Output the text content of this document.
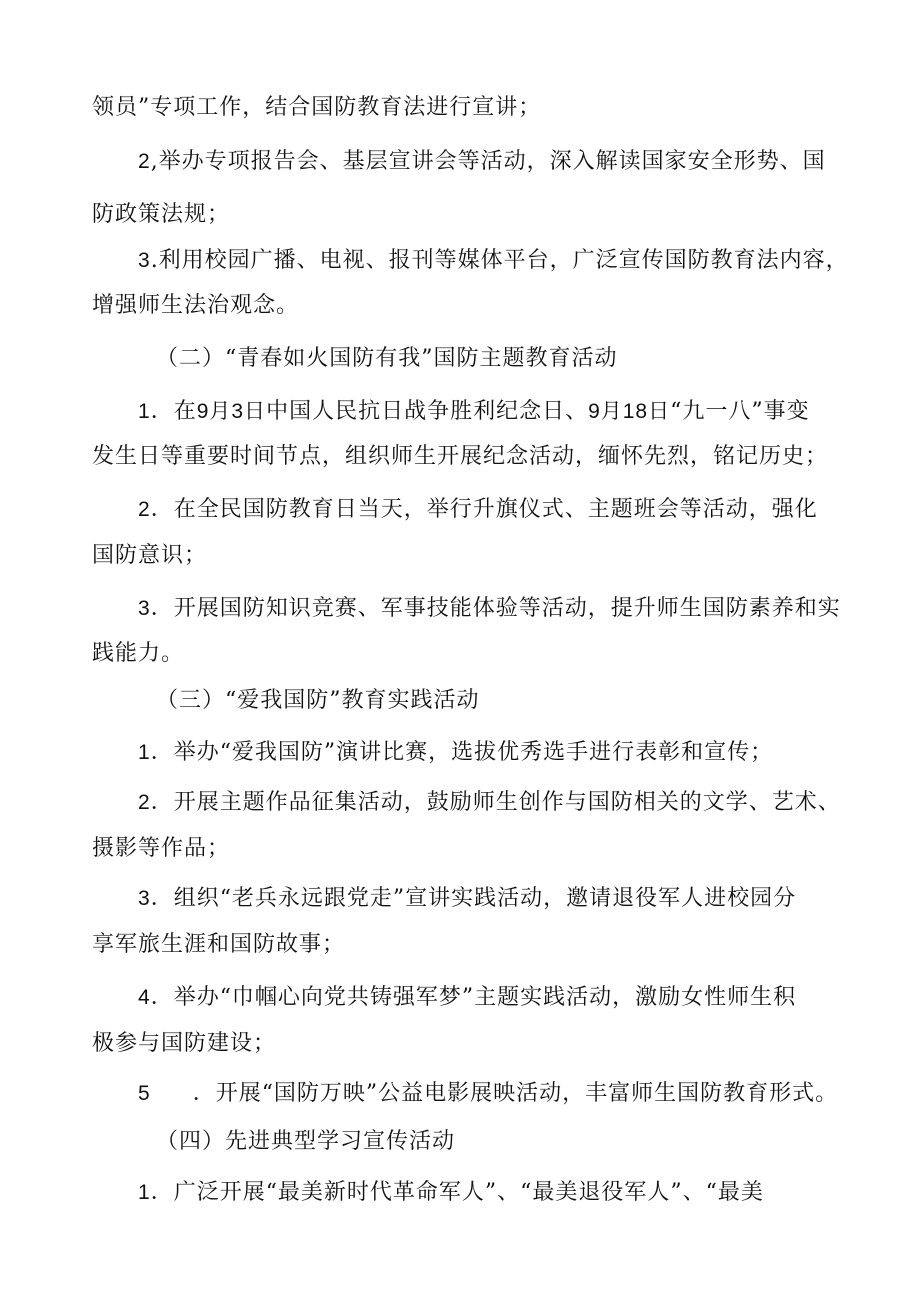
领员”专项工作，结合国防教育法进行宣讲；
2,举办专项报告会、基层宣讲会等活动，深入解读国家安全形势、国
防政策法规；
3.利用校园广播、电视、报刊等媒体平台，广泛宣传国防教育法内容，
增强师生法治观念。
（二）“青春如火国防有我”国防主题教育活动
1．在9月3日中国人民抗日战争胜利纪念日、9月18日“九一八”事变
发生日等重要时间节点，组织师生开展纪念活动，缅怀先烈，铭记历史；
2．在全民国防教育日当天，举行升旗仪式、主题班会等活动，强化
国防意识；
3．开展国防知识竞赛、军事技能体验等活动，提升师生国防素养和实
践能力。
（三）“爱我国防”教育实践活动
1．举办“爱我国防”演讲比赛，选拔优秀选手进行表彰和宣传；
2．开展主题作品征集活动，鼓励师生创作与国防相关的文学、艺术、
摄影等作品；
3．组织“老兵永远跟党走”宣讲实践活动，邀请退役军人进校园分
享军旅生涯和国防故事；
4．举办“巾帼心向党共铸强军梦”主题实践活动，激励女性师生积
极参与国防建设；
5 ．开展“国防万映”公益电影展映活动，丰富师生国防教育形式。
（四）先进典型学习宣传活动
1．广泛开展“最美新时代革命军人”、“最美退役军人”、“最美
